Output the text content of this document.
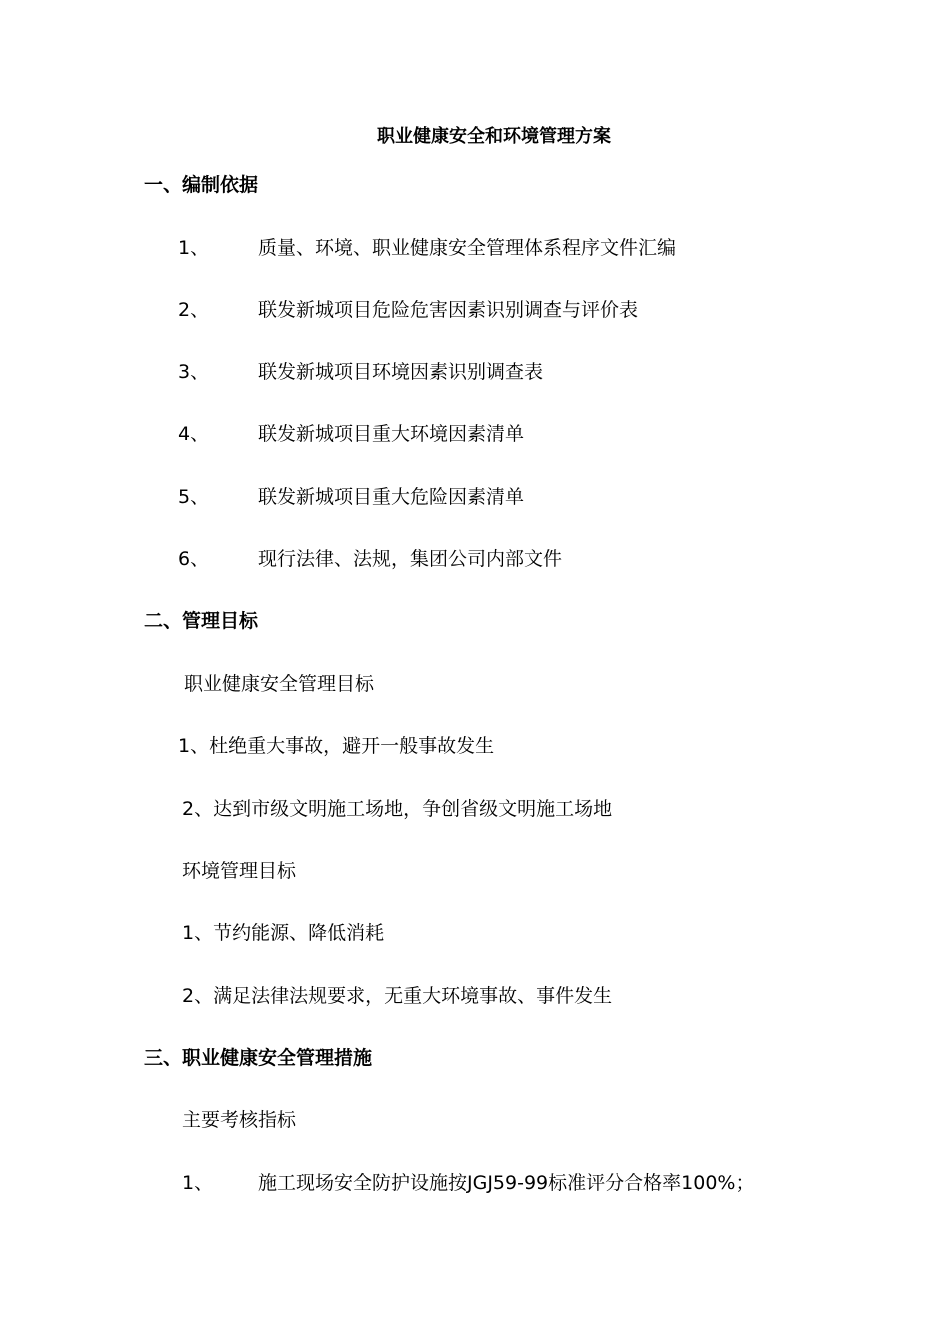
职业健康安全和环境管理方案
一、编制依据
1、	质量、环境、职业健康安全管理体系程序文件汇编
2、	联发新城项目危险危害因素识别调查与评价表
3、	联发新城项目环境因素识别调查表
4、	联发新城项目重大环境因素清单
5、	联发新城项目重大危险因素清单
6、	现行法律、法规，集团公司内部文件
二、管理目标
职业健康安全管理目标
1、杜绝重大事故，避开一般事故发生
2、达到市级文明施工场地，争创省级文明施工场地
环境管理目标
1、节约能源、降低消耗
2、满足法律法规要求，无重大环境事故、事件发生
三、职业健康安全管理措施
主要考核指标
1、 施工现场安全防护设施按JGJ59-99标准评分合格率100%；
